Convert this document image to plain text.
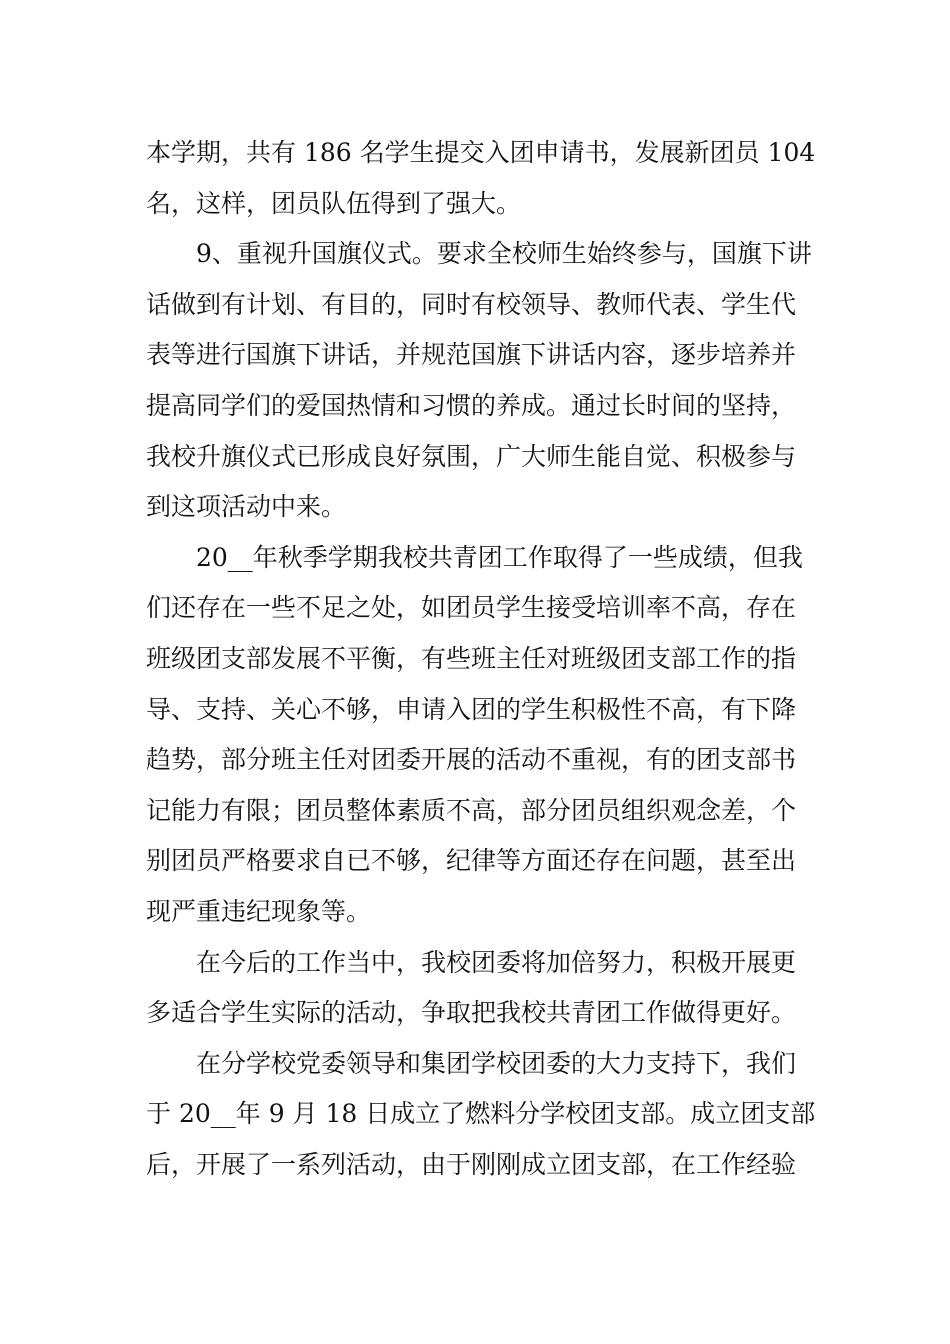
本学期，共有 186 名学生提交入团申请书，发展新团员 104
名，这样，团员队伍得到了强大。

9、重视升国旗仪式。要求全校师生始终参与，国旗下讲
话做到有计划、有目的，同时有校领导、教师代表、学生代
表等进行国旗下讲话，并规范国旗下讲话内容，逐步培养并
提高同学们的爱国热情和习惯的养成。通过长时间的坚持，
我校升旗仪式已形成良好氛围，广大师生能自觉、积极参与
到这项活动中来。

20__年秋季学期我校共青团工作取得了一些成绩，但我
们还存在一些不足之处，如团员学生接受培训率不高，存在
班级团支部发展不平衡，有些班主任对班级团支部工作的指
导、支持、关心不够，申请入团的学生积极性不高，有下降
趋势，部分班主任对团委开展的活动不重视，有的团支部书
记能力有限；团员整体素质不高，部分团员组织观念差，个
别团员严格要求自已不够，纪律等方面还存在问题，甚至出
现严重违纪现象等。

在今后的工作当中，我校团委将加倍努力，积极开展更
多适合学生实际的活动，争取把我校共青团工作做得更好。

在分学校党委领导和集团学校团委的大力支持下，我们
于 20__年 9 月 18 日成立了燃料分学校团支部。成立团支部
后，开展了一系列活动，由于刚刚成立团支部，在工作经验
